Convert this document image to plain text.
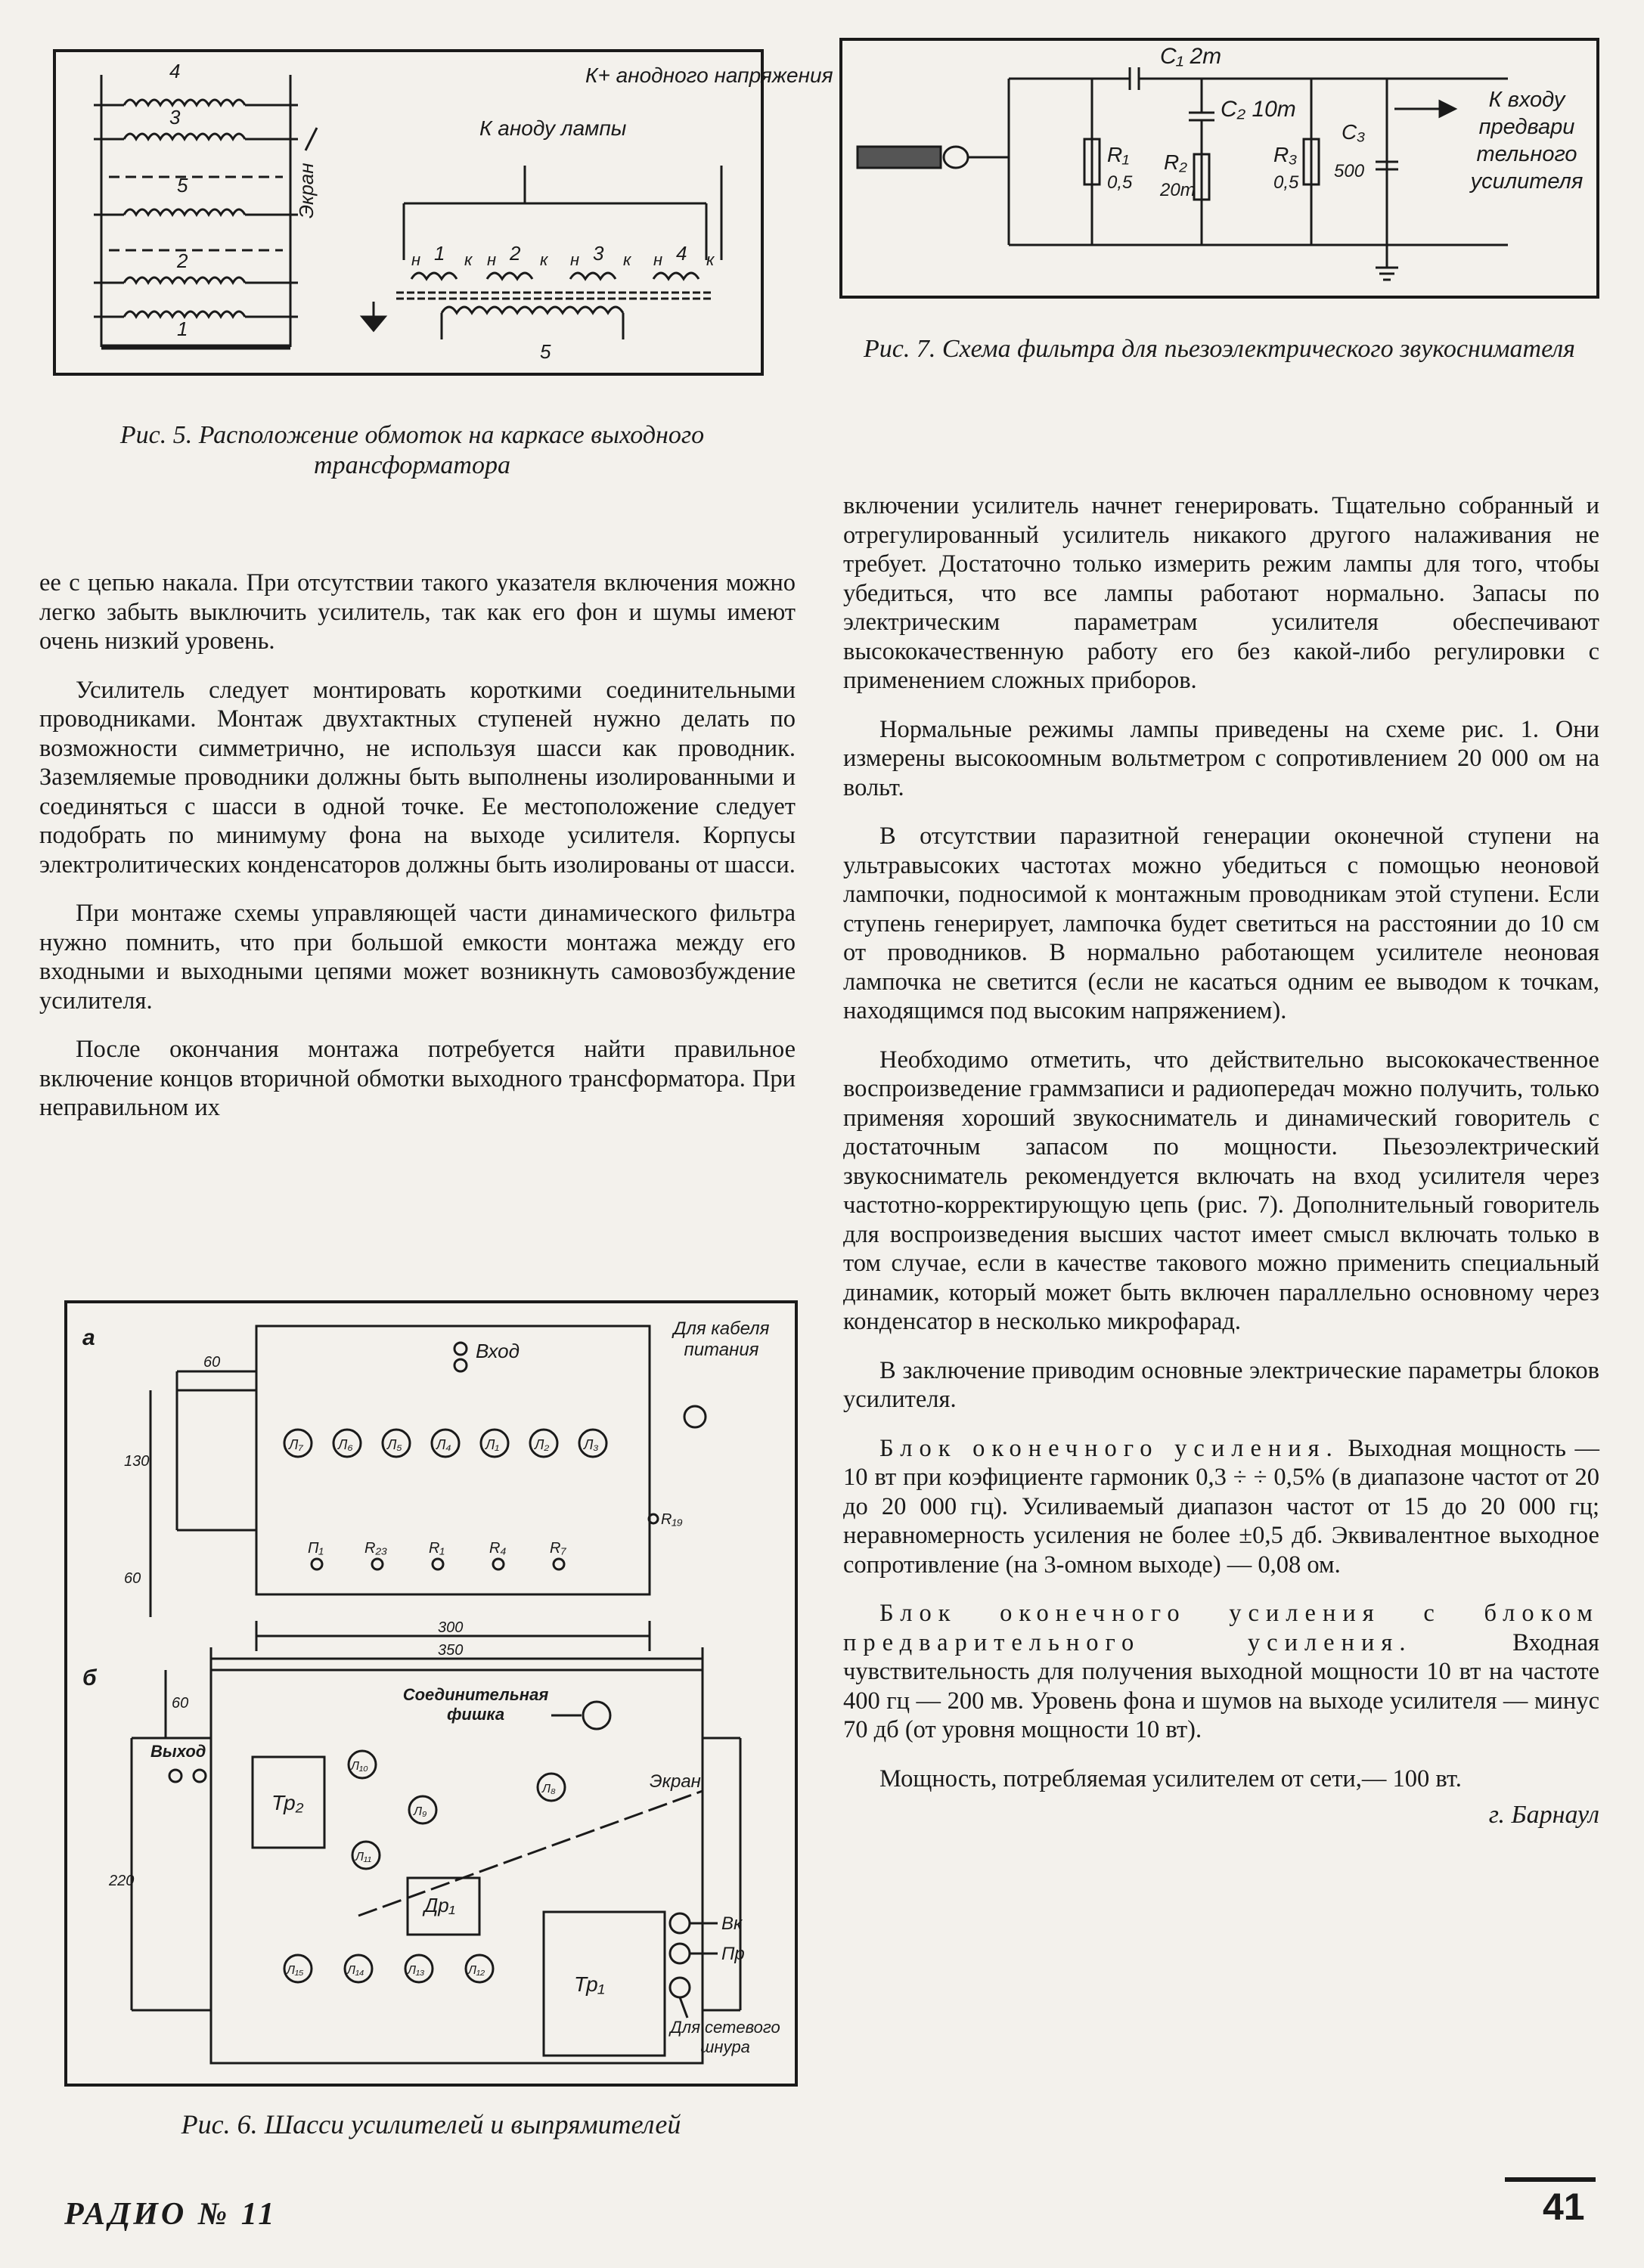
4
3
5
2
1
Экран
К+ анодного напряжения
К аноду лампы
1
н	к 2
н	к 3
н	к 4
н	к
5
Рис. 5. Расположение обмоток на каркасе выходного трансформатора
C₁ 2т
C₂ 10т
R₁
0,5
R₂
20т
R₃
0,5
C₃
500
К входу предвари тельного усилителя
Рис. 7. Схема фильтра для пьезоэлектрического звукоснимателя

ее с цепью накала. При отсутствии такого указателя включения можно легко забыть выключить усилитель, так как его фон и шумы имеют очень низкий уровень.

Усилитель следует монтировать короткими соединительными проводниками. Монтаж двухтактных ступеней нужно делать по возможности симметрично, не используя шасси как проводник. Заземляемые проводники должны быть выполнены изолированными и соединяться с шасси в одной точке. Ее местоположение следует подобрать по минимуму фона на выходе усилителя. Корпусы электролитических конденсаторов должны быть изолированы от шасси.

При монтаже схемы управляющей части динамического фильтра нужно помнить, что при большой емкости монтажа между его входными и выходными цепями может возникнуть самовозбуждение усилителя.

После окончания монтажа потребуется найти правильное включение концов вторичной обмотки выходного трансформатора. При неправильном их

а
б
Вход
Для кабеля питания
Л₇	Л₆	Л₅	Л₄	Л₁	Л₂	Л₃
R₁₉
П₁	R₂₃	R₁	R₄	R₇
60
130
60
300
350
60
220
Соединительная фишка
Выход
Тр₂
Тр₁
Др₁
Экран
Л₁₀
Л₉
Л₈
Л₁₁
Л₁₅	Л₁₄	Л₁₃	Л₁₂
Вк
Пр
Для сетевого шнура
Рис. 6. Шасси усилителей и выпрямителей

включении усилитель начнет генерировать. Тщательно собранный и отрегулированный усилитель никакого другого налаживания не требует. Достаточно только измерить режим лампы для того, чтобы убедиться, что все лампы работают нормально. Запасы по электрическим параметрам усилителя обеспечивают высококачественную работу его без какой-либо регулировки с применением сложных приборов.

Нормальные режимы лампы приведены на схеме рис. 1. Они измерены высокоомным вольтметром с сопротивлением 20 000 ом на вольт.

В отсутствии паразитной генерации оконечной ступени на ультравысоких частотах можно убедиться с помощью неоновой лампочки, подносимой к монтажным проводникам этой ступени. Если ступень генерирует, лампочка будет светиться на расстоянии до 10 см от проводников. В нормально работающем усилителе неоновая лампочка не светится (если не касаться одним ее выводом к точкам, находящимся под высоким напряжением).

Необходимо отметить, что действительно высококачественное воспроизведение граммзаписи и радиопередач можно получить, только применяя хороший звукосниматель и динамический говоритель с достаточным запасом по мощности. Пьезоэлектрический звукосниматель рекомендуется включать на вход усилителя через частотно-корректирующую цепь (рис. 7). Дополнительный говоритель для воспроизведения высших частот имеет смысл включать только в том случае, если в качестве такового можно применить специальный динамик, который может быть включен параллельно основному через конденсатор в несколько микрофарад.

В заключение приводим основные электрические параметры блоков усилителя.

Блок оконечного усиления. Выходная мощность — 10 вт при коэфициенте гармоник 0,3 ÷ ÷ 0,5% (в диапазоне частот от 20 до 20 000 гц). Усиливаемый диапазон частот от 15 до 20 000 гц; неравномерность усиления не более ±0,5 дб. Эквивалентное выходное сопротивление (на 3-омном выходе) — 0,08 ом.

Блок оконечного усиления с блоком предварительного усиления.	Входная чувствительность для получения выходной мощности 10 вт на частоте 400 гц — 200 мв. Уровень фона и шумов на выходе усилителя — минус 70 дб (от уровня мощности 10 вт).

Мощность, потребляемая усилителем от сети,— 100 вт.

г. Барнаул

РАДИО № 11	41
